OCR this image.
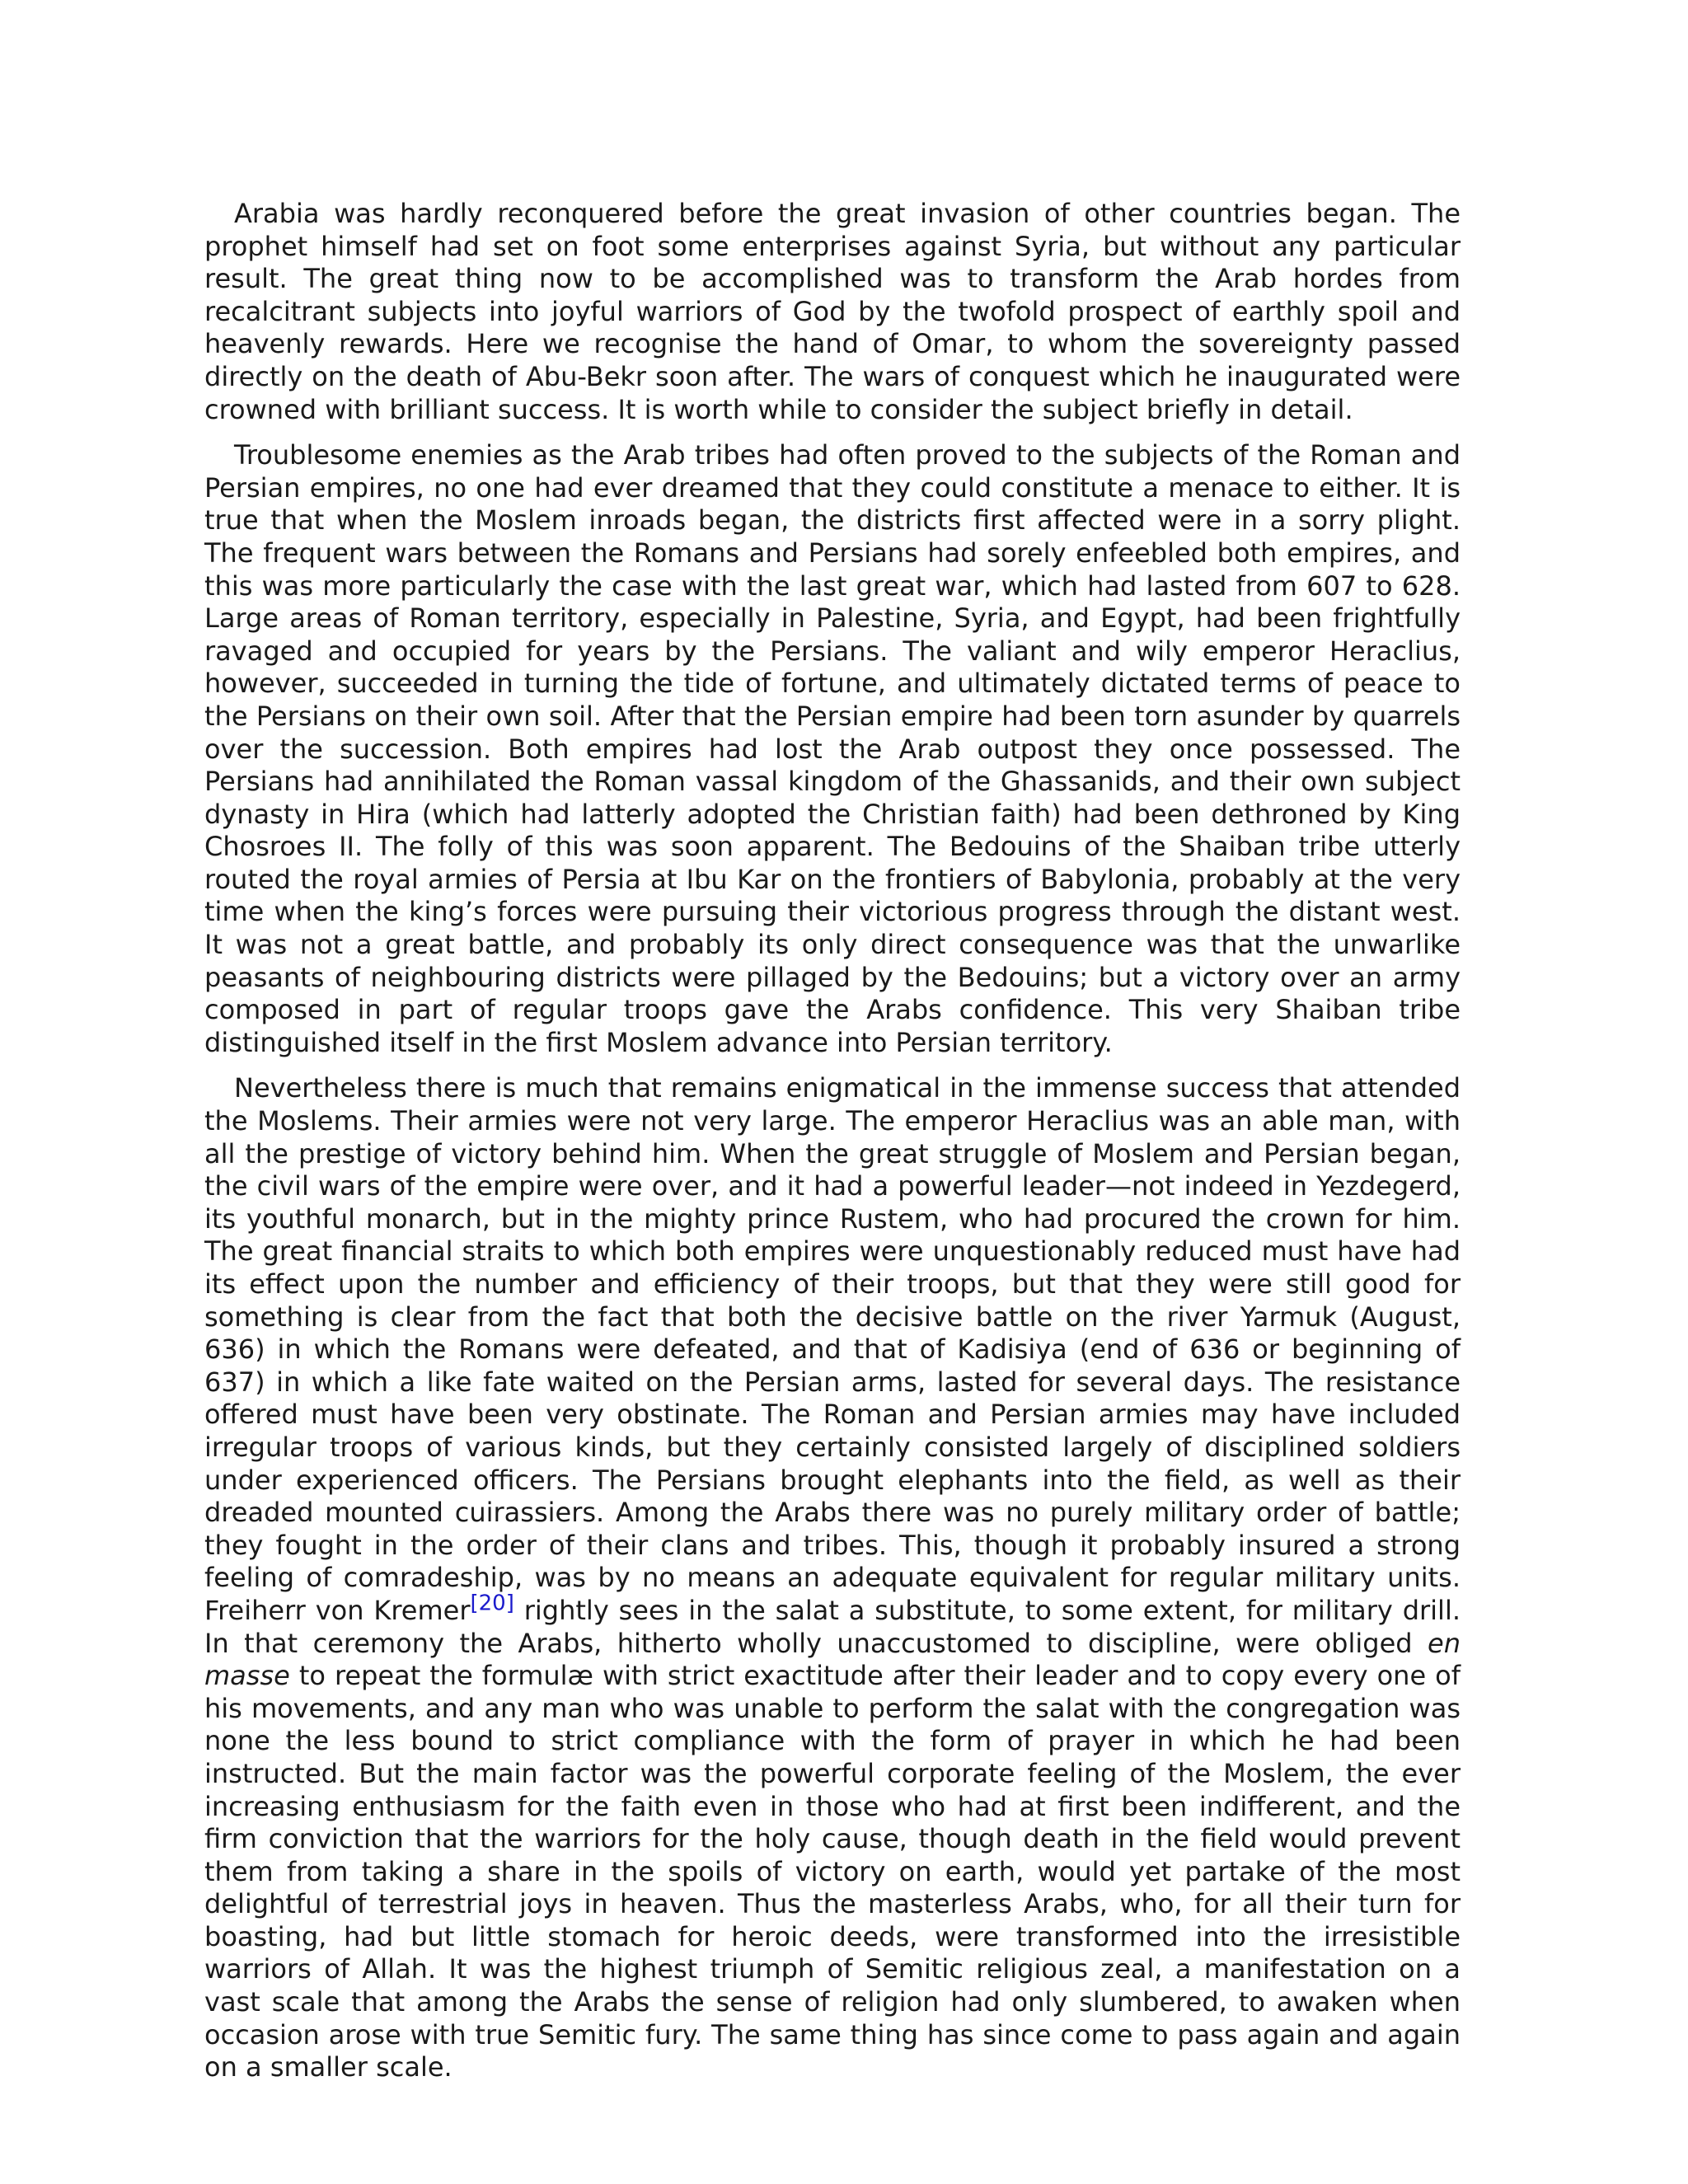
Arabia was hardly reconquered before the great invasion of other countries began. The prophet himself had set on foot some enterprises against Syria, but without any particular result. The great thing now to be accomplished was to transform the Arab hordes from recalcitrant subjects into joyful warriors of God by the twofold prospect of earthly spoil and heavenly rewards. Here we recognise the hand of Omar, to whom the sovereignty passed directly on the death of Abu-Bekr soon after. The wars of conquest which he inaugurated were crowned with brilliant success. It is worth while to consider the subject briefly in detail.

Troublesome enemies as the Arab tribes had often proved to the subjects of the Roman and Persian empires, no one had ever dreamed that they could constitute a menace to either. It is true that when the Moslem inroads began, the districts first affected were in a sorry plight. The frequent wars between the Romans and Persians had sorely enfeebled both empires, and this was more particularly the case with the last great war, which had lasted from 607 to 628. Large areas of Roman territory, especially in Palestine, Syria, and Egypt, had been frightfully ravaged and occupied for years by the Persians. The valiant and wily emperor Heraclius, however, succeeded in turning the tide of fortune, and ultimately dictated terms of peace to the Persians on their own soil. After that the Persian empire had been torn asunder by quarrels over the succession. Both empires had lost the Arab outpost they once possessed. The Persians had annihilated the Roman vassal kingdom of the Ghassanids, and their own subject dynasty in Hira (which had latterly adopted the Christian faith) had been dethroned by King Chosroes II. The folly of this was soon apparent. The Bedouins of the Shaiban tribe utterly routed the royal armies of Persia at Ibu Kar on the frontiers of Babylonia, probably at the very time when the king’s forces were pursuing their victorious progress through the distant west. It was not a great battle, and probably its only direct consequence was that the unwarlike peasants of neighbouring districts were pillaged by the Bedouins; but a victory over an army composed in part of regular troops gave the Arabs confidence. This very Shaiban tribe distinguished itself in the first Moslem advance into Persian territory.

Nevertheless there is much that remains enigmatical in the immense success that attended the Moslems. Their armies were not very large. The emperor Heraclius was an able man, with all the prestige of victory behind him. When the great struggle of Moslem and Persian began, the civil wars of the empire were over, and it had a powerful leader—not indeed in Yezdegerd, its youthful monarch, but in the mighty prince Rustem, who had procured the crown for him. The great financial straits to which both empires were unquestionably reduced must have had its effect upon the number and efficiency of their troops, but that they were still good for something is clear from the fact that both the decisive battle on the river Yarmuk (August, 636) in which the Romans were defeated, and that of Kadisiya (end of 636 or beginning of 637) in which a like fate waited on the Persian arms, lasted for several days. The resistance offered must have been very obstinate. The Roman and Persian armies may have included irregular troops of various kinds, but they certainly consisted largely of disciplined soldiers under experienced officers. The Persians brought elephants into the field, as well as their dreaded mounted cuirassiers. Among the Arabs there was no purely military order of battle; they fought in the order of their clans and tribes. This, though it probably insured a strong feeling of comradeship, was by no means an adequate equivalent for regular military units. Freiherr von Kremer[20] rightly sees in the salat a substitute, to some extent, for military drill. In that ceremony the Arabs, hitherto wholly unaccustomed to discipline, were obliged en masse to repeat the formulæ with strict exactitude after their leader and to copy every one of his movements, and any man who was unable to perform the salat with the congregation was none the less bound to strict compliance with the form of prayer in which he had been instructed. But the main factor was the powerful corporate feeling of the Moslem, the ever increasing enthusiasm for the faith even in those who had at first been indifferent, and the firm conviction that the warriors for the holy cause, though death in the field would prevent them from taking a share in the spoils of victory on earth, would yet partake of the most delightful of terrestrial joys in heaven. Thus the masterless Arabs, who, for all their turn for boasting, had but little stomach for heroic deeds, were transformed into the irresistible warriors of Allah. It was the highest triumph of Semitic religious zeal, a manifestation on a vast scale that among the Arabs the sense of religion had only slumbered, to awaken when occasion arose with true Semitic fury. The same thing has since come to pass again and again on a smaller scale.
